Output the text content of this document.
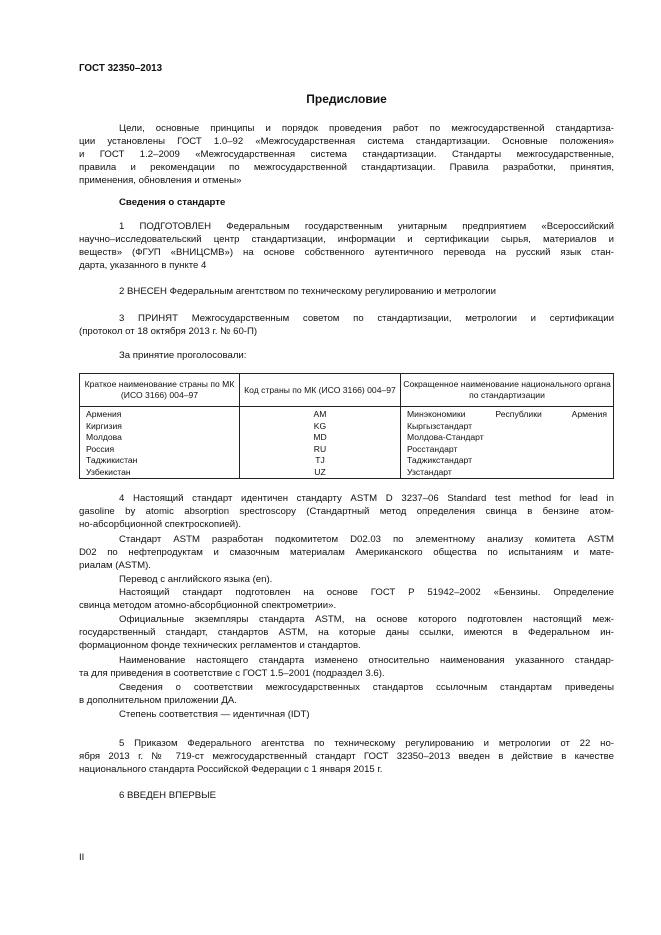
ГОСТ 32350–2013
Предисловие
Цели, основные принципы и порядок проведения работ по межгосударственной стандартиза-
ции установлены ГОСТ 1.0–92 «Межгосударственная система стандартизации. Основные положения»
и ГОСТ 1.2–2009 «Межгосударственная система стандартизации. Стандарты межгосударственные,
правила и рекомендации по межгосударственной стандартизации. Правила разработки, принятия,
применения, обновления и отмены»
Сведения о стандарте
1 ПОДГОТОВЛЕН Федеральным государственным унитарным предприятием «Всероссийский
научно–исследовательский центр стандартизации, информации и сертификации сырья, материалов и
веществ» (ФГУП «ВНИЦСМВ») на основе собственного аутентичного перевода на русский язык стан-
дарта, указанного в пункте 4
2 ВНЕСЕН Федеральным агентством по техническому регулированию и метрологии
3 ПРИНЯТ Межгосударственным советом по стандартизации, метрологии и сертификации
(протокол от 18 октября 2013 г. № 60-П)
За принятие проголосовали:
Краткое наименование страны по МК (ИСО 3166) 004–97	Код страны по МК (ИСО 3166) 004–97	Сокращенное наименование национального органа по стандартизации
Армения	AM	Минэкономики Республики Армения
Киргизия	KG	Кыргызстандарт
Молдова	MD	Молдова-Стандарт
Россия	RU	Росстандарт
Таджикистан	TJ	Таджикстандарт
Узбекистан	UZ	Узстандарт
4 Настоящий стандарт идентичен стандарту ASTM D 3237–06 Standard test method for lead in
gasoline by atomic absorption spectroscopy (Стандартный метод определения свинца в бензине атом-
но-абсорбционной спектроскопией).
Стандарт ASTM разработан подкомитетом D02.03 по элементному анализу комитета ASTM
D02 по нефтепродуктам и смазочным материалам Американского общества по испытаниям и мате-
риалам (ASTM).
Перевод с английского языка (en).
Настоящий стандарт подготовлен на основе ГОСТ Р 51942–2002 «Бензины. Определение
свинца методом атомно-абсорбционной спектрометрии».
Официальные экземпляры стандарта ASTM, на основе которого подготовлен настоящий меж-
государственный стандарт, стандартов ASTM, на которые даны ссылки, имеются в Федеральном ин-
формационном фонде технических регламентов и стандартов.
Наименование настоящего стандарта изменено относительно наименования указанного стандар-
та для приведения в соответствие с ГОСТ 1.5–2001 (подраздел 3.6).
Сведения о соответствии межгосударственных стандартов ссылочным стандартам приведены
в дополнительном приложении ДА.
Степень соответствия — идентичная (IDT)
5 Приказом Федерального агентства по техническому регулированию и метрологии от 22 но-
ября 2013 г. № 719-ст межгосударственный стандарт ГОСТ 32350–2013 введен в действие в качестве
национального стандарта Российской Федерации с 1 января 2015 г.
6 ВВЕДЕН ВПЕРВЫЕ
II
